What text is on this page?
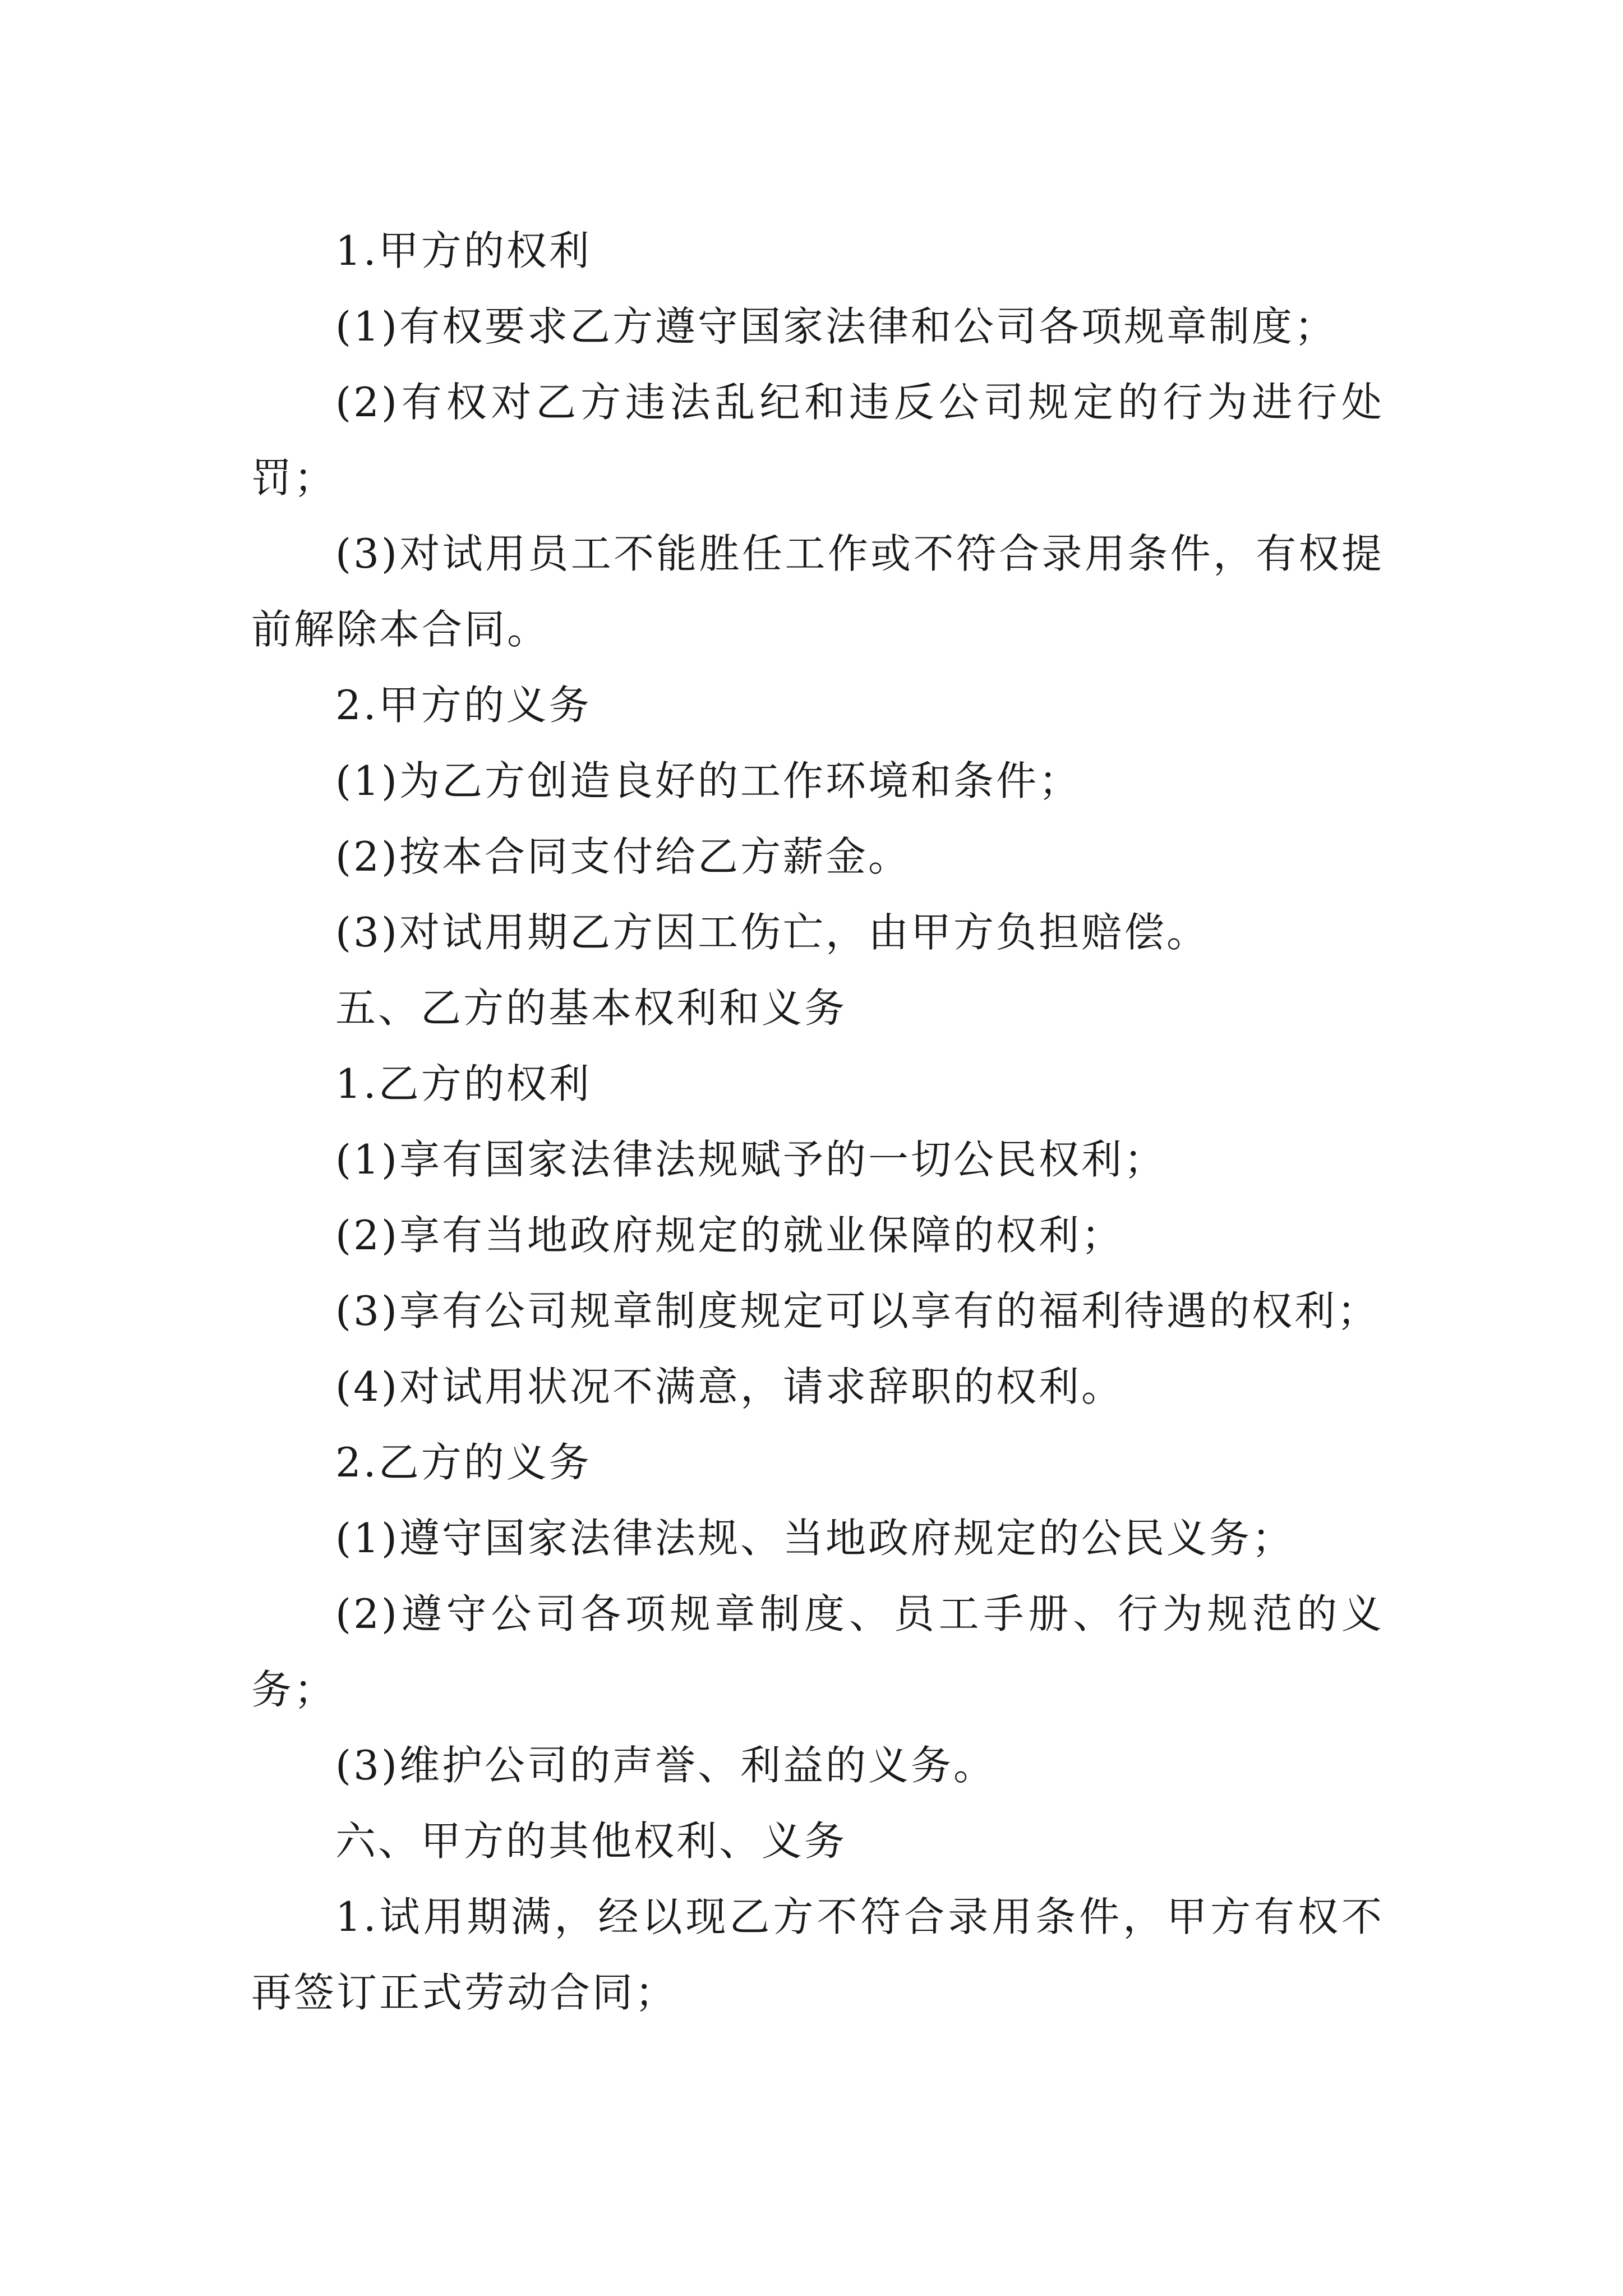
1.甲方的权利

(1)有权要求乙方遵守国家法律和公司各项规章制度；

(2)有权对乙方违法乱纪和违反公司规定的行为进行处罚；

(3)对试用员工不能胜任工作或不符合录用条件，有权提前解除本合同。

2.甲方的义务

(1)为乙方创造良好的工作环境和条件；

(2)按本合同支付给乙方薪金。

(3)对试用期乙方因工伤亡，由甲方负担赔偿。

五、乙方的基本权利和义务

1.乙方的权利

(1)享有国家法律法规赋予的一切公民权利；

(2)享有当地政府规定的就业保障的权利；

(3)享有公司规章制度规定可以享有的福利待遇的权利；

(4)对试用状况不满意，请求辞职的权利。

2.乙方的义务

(1)遵守国家法律法规、当地政府规定的公民义务；

(2)遵守公司各项规章制度、员工手册、行为规范的义务；

(3)维护公司的声誉、利益的义务。

六、甲方的其他权利、义务

1.试用期满，经以现乙方不符合录用条件，甲方有权不再签订正式劳动合同；
